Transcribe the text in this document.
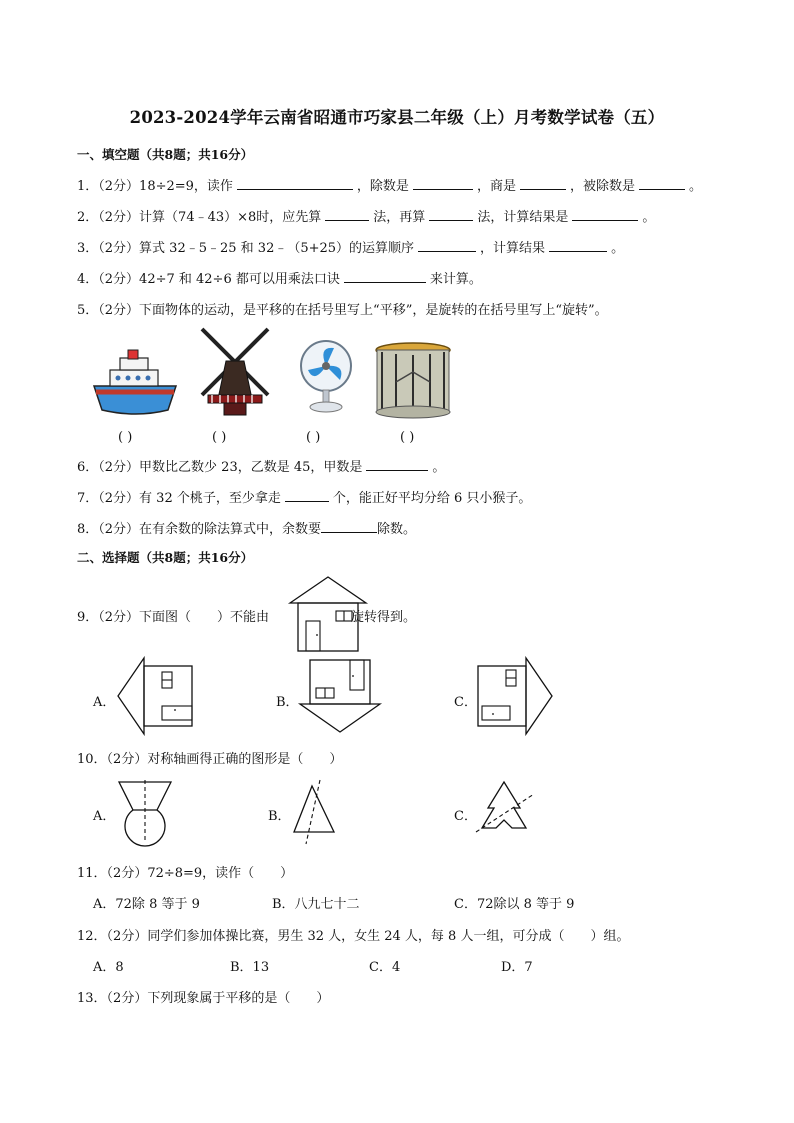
2023-2024学年云南省昭通市巧家县二年级（上）月考数学试卷（五）
一、填空题（共8题；共16分）
1．（2分）18÷2=9，读作	，除数是	，商是	，被除数是	。
2．（2分）计算（74﹣43）×8时，应先算	法，再算	法，计算结果是	。
3．（2分）算式 32﹣5﹣25 和 32﹣（5+25）的运算顺序	，计算结果	。
4．（2分）42÷7 和 42÷6 都可以用乘法口诀	来计算。
5．（2分）下面物体的运动，是平移的在括号里写上“平移”，是旋转的在括号里写上“旋转”。
( )	( )	( )	( )
6．（2分）甲数比乙数少 23，乙数是 45，甲数是	。
7．（2分）有 32 个桃子，至少拿走	个，能正好平均分给 6 只小猴子。
8．（2分）在有余数的除法算式中，余数要	除数。
二、选择题（共8题；共16分）
9．（2分）下面图（　　）不能由	旋转得到。
A．	B．	C．
10．（2分）对称轴画得正确的图形是（　　）
A．	B．	C．
11．（2分）72÷8=9，读作（　　）
A．72除 8 等于 9	B．八九七十二	C．72除以 8 等于 9
12．（2分）同学们参加体操比赛，男生 32 人，女生 24 人，每 8 人一组，可分成（　　）组。
A．8	B．13	C．4	D．7
13．（2分）下列现象属于平移的是（　　）
